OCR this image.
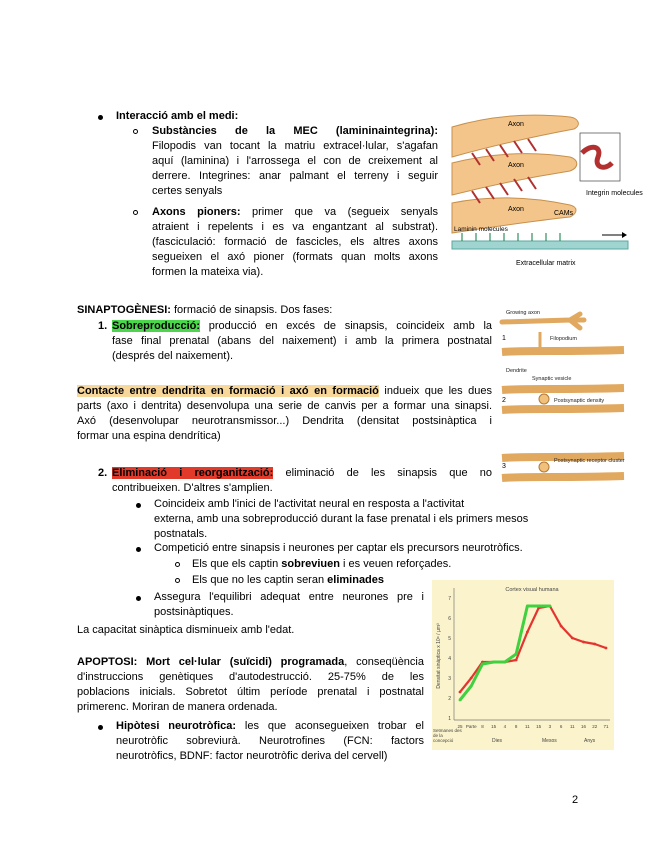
Interacció amb el medi:
Substàncies de la MEC (lamininaintegrina):
Filopodis van tocant la matriu extracel·lular, s'agafan
aquí (laminina) i l'arrossega el con de creixement al
derrere. Integrines: anar palmant el terreny i seguir
certes senyals
Axons pioners: primer que va (segueix senyals
atraient i repelents i es va engantzant al substrat).
(fasciculació: formació de fascicles, els altres axons
segueixen el axó pioner (formats quan molts axons
formen la mateixa via).
Axon
Axon
Axon
CAMs
Integrin molecules
Laminin molecules
Extracellular matrix
SINAPTOGÈNESI: formació de sinapsis. Dos fases:
1. Sobreproducció: producció en excés de sinapsis, coincideix amb la
fase final prenatal (abans del naixement) i amb la primera postnatal
(després del naixement).
Contacte entre dendrita en formació i axó en formació indueix que les dues
parts (axo i dentrita) desenvolupa una serie de canvis per a formar una sinapsi.
Axó (desenvolupar neurotransmissor...) Dendrita (densitat postsinàptica i
formar una espina dendrítica)
2. Eliminació i reorganització: eliminació de les sinapsis que no
contribueixen. D'altres s'amplien.
Coincideix amb l'inici de l'activitat neural en resposta a l'activitat
externa, amb una sobreproducció durant la fase prenatal i els primers mesos
postnatals.
Competició entre sinapsis i neurones per captar els precursors neurotròfics.
Els que els captin sobreviuen i es veuen reforçades.
Els que no les captin seran eliminades
Assegura l'equilibri adequat entre neurones pre i
postsinàptiques.
La capacitat sinàptica disminueix amb l'edat.
Growing axon
Filopodium
Dendrite
Synaptic vesicle
Postsynaptic density
Postsynaptic receptor cluster
1
2
3
APOPTOSI: Mort cel·lular (suïcidi) programada, conseqüència
d'instruccions genètiques d'autodestrucció. 25-75% de les
poblacions inicials. Sobretot últim període prenatal i postnatal
primerenc. Moriran de manera ordenada.
Hipòtesi neurotròfica: les que aconsegueixen trobar el
neurotròfic sobreviurà. Neurotrofines (FCN: factors
neurotròfics, BDNF: factor neurotròfic deriva del cervell)
Cortex visual humana
Densitat sinàptica x 10⁸ / µm³
1
2
3
4
5
6
7
25 Parte 8 15 4 8 11 15 3 6 11 16 22 71
Setmanes des de la concepció	Dies	Mesos	Anys
2
